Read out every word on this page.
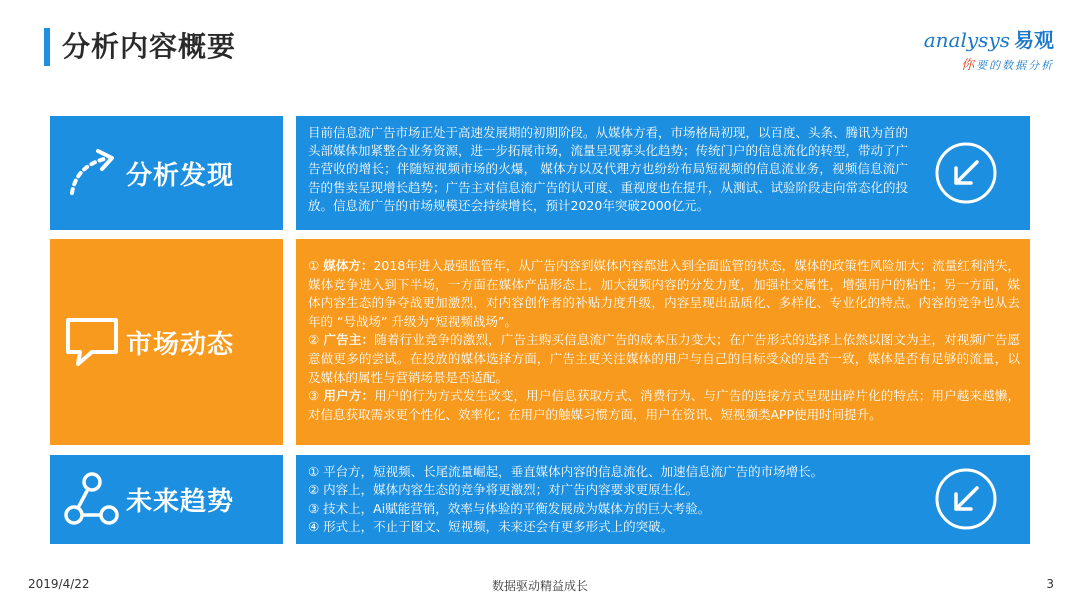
分析内容概要	analysys 易观
你要的数据分析
分析发现
目前信息流广告市场正处于高速发展期的初期阶段。从媒体方看，市场格局初现，以百度、头条、腾讯为首的头部媒体加紧整合业务资源，进一步拓展市场，流量呈现寡头化趋势；传统门户的信息流化的转型，带动了广告营收的增长；伴随短视频市场的火爆， 媒体方以及代理方也纷纷布局短视频的信息流业务，视频信息流广告的售卖呈现增长趋势；广告主对信息流广告的认可度、重视度也在提升，从测试、试验阶段走向常态化的投放。信息流广告的市场规模还会持续增长，预计2020年突破2000亿元。
市场动态
① 媒体方：2018年进入最强监管年，从广告内容到媒体内容都进入到全面监管的状态，媒体的政策性风险加大；流量红利消失，媒体竞争进入到下半场，一方面在媒体产品形态上，加大视频内容的分发力度，加强社交属性，增强用户的粘性；另一方面，媒体内容生态的争夺战更加激烈，对内容创作者的补贴力度升级，内容呈现出品质化、多样化、专业化的特点。内容的竞争也从去年的 “号战场” 升级为“短视频战场”。
② 广告主：随着行业竞争的激烈，广告主购买信息流广告的成本压力变大；在广告形式的选择上依然以图文为主，对视频广告愿意做更多的尝试。在投放的媒体选择方面，广告主更关注媒体的用户与自己的目标受众的是否一致，媒体是否有足够的流量，以及媒体的属性与营销场景是否适配。
③ 用户方：用户的行为方式发生改变，用户信息获取方式、消费行为、与广告的连接方式呈现出碎片化的特点；用户越来越懒，对信息获取需求更个性化、效率化；在用户的触媒习惯方面，用户在资讯、短视频类APP使用时间提升。
未来趋势
① 平台方，短视频、长尾流量崛起，垂直媒体内容的信息流化、加速信息流广告的市场增长。
② 内容上，媒体内容生态的竞争将更激烈；对广告内容要求更原生化。
③ 技术上，Ai赋能营销，效率与体验的平衡发展成为媒体方的巨大考验。
④ 形式上，不止于图文、短视频，未来还会有更多形式上的突破。
2019/4/22	数据驱动精益成长	3
